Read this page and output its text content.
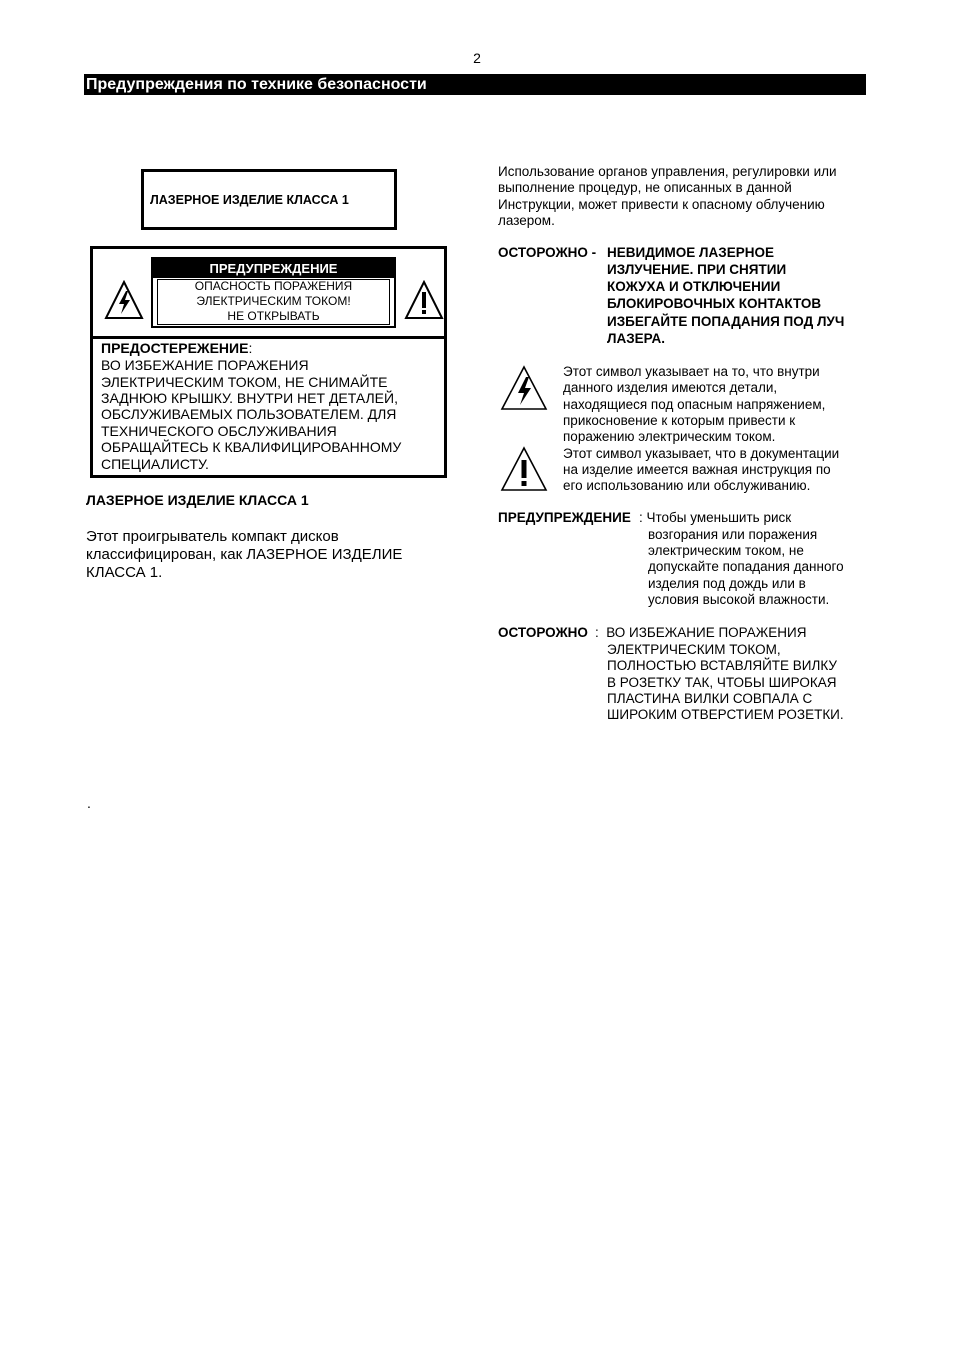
2
Предупреждения по технике безопасности
ЛАЗЕРНОЕ ИЗДЕЛИЕ КЛАССА 1
ПРЕДУПРЕЖДЕНИЕ
ОПАСНОСТЬ ПОРАЖЕНИЯ
ЭЛЕКТРИЧЕСКИМ ТОКОМ!
НЕ ОТКРЫВАТЬ
ПРЕДОСТЕРЕЖЕНИЕ:
ВО ИЗБЕЖАНИЕ ПОРАЖЕНИЯ
ЭЛЕКТРИЧЕСКИМ ТОКОМ, НЕ СНИМАЙТЕ
ЗАДНЮЮ КРЫШКУ. ВНУТРИ НЕТ ДЕТАЛЕЙ,
ОБСЛУЖИВАЕМЫХ ПОЛЬЗОВАТЕЛЕМ. ДЛЯ
ТЕХНИЧЕСКОГО ОБСЛУЖИВАНИЯ
ОБРАЩАЙТЕСЬ К КВАЛИФИЦИРОВАННОМУ
СПЕЦИАЛИСТУ.
ЛАЗЕРНОЕ ИЗДЕЛИЕ КЛАССА 1
Этот проигрыватель компакт дисков
классифицирован, как ЛАЗЕРНОЕ ИЗДЕЛИЕ
КЛАССА 1.
.
Использование органов управления, регулировки или
выполнение процедур, не описанных в данной
Инструкции, может привести к опасному облучению
лазером.
ОСТОРОЖНО - НЕВИДИМОЕ ЛАЗЕРНОЕ
ИЗЛУЧЕНИЕ. ПРИ СНЯТИИ
КОЖУХА И ОТКЛЮЧЕНИИ
БЛОКИРОВОЧНЫХ КОНТАКТОВ
ИЗБЕГАЙТЕ ПОПАДАНИЯ ПОД ЛУЧ
ЛАЗЕРА.
Этот символ указывает на то, что внутри
данного изделия имеются детали,
находящиеся под опасным напряжением,
прикосновение к которым привести к
поражению электрическим током.
Этот символ указывает, что в документации
на изделие имеется важная инструкция по
его использованию или обслуживанию.
ПРЕДУПРЕЖДЕНИЕ : Чтобы уменьшить риск
возгорания или поражения
электрическим током, не
допускайте попадания данного
изделия под дождь или в
условия высокой влажности.
ОСТОРОЖНО :  ВО ИЗБЕЖАНИЕ ПОРАЖЕНИЯ
ЭЛЕКТРИЧЕСКИМ ТОКОМ,
ПОЛНОСТЬЮ ВСТАВЛЯЙТЕ ВИЛКУ
В РОЗЕТКУ ТАК, ЧТОБЫ ШИРОКАЯ
ПЛАСТИНА ВИЛКИ СОВПАЛА С
ШИРОКИМ ОТВЕРСТИЕМ РОЗЕТКИ.
